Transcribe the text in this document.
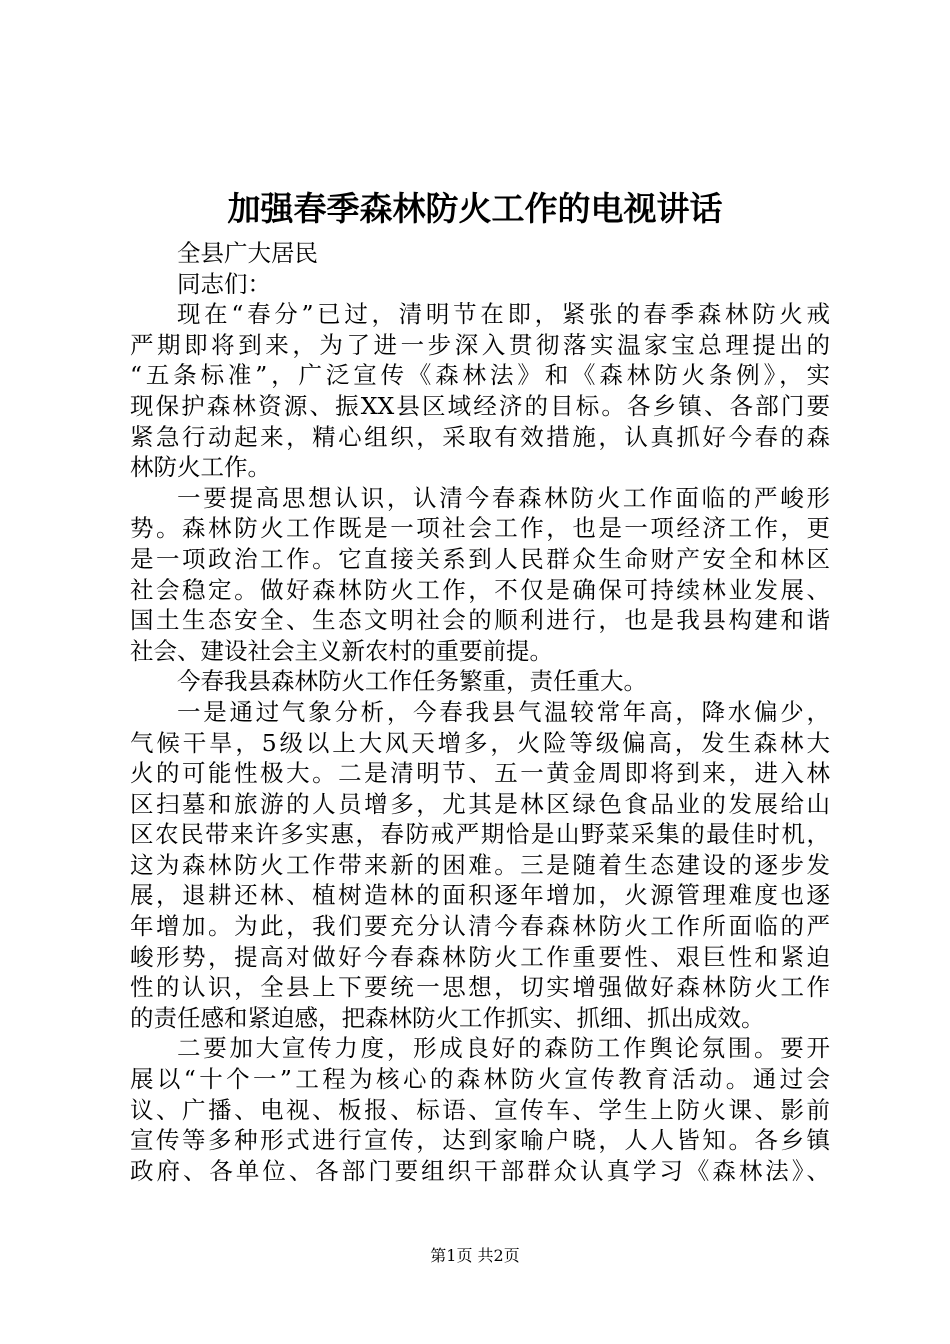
加强春季森林防火工作的电视讲话
全县广大居民
同志们：
现在“春分”已过，清明节在即，紧张的春季森林防火戒
严期即将到来，为了进一步深入贯彻落实温家宝总理提出的
“五条标准”，广泛宣传《森林法》和《森林防火条例》，实
现保护森林资源、振XX县区域经济的目标。各乡镇、各部门要
紧急行动起来，精心组织，采取有效措施，认真抓好今春的森
林防火工作。
一要提高思想认识，认清今春森林防火工作面临的严峻形
势。森林防火工作既是一项社会工作，也是一项经济工作，更
是一项政治工作。它直接关系到人民群众生命财产安全和林区
社会稳定。做好森林防火工作，不仅是确保可持续林业发展、
国土生态安全、生态文明社会的顺利进行，也是我县构建和谐
社会、建设社会主义新农村的重要前提。
今春我县森林防火工作任务繁重，责任重大。
一是通过气象分析，今春我县气温较常年高，降水偏少，
气候干旱，5级以上大风天增多，火险等级偏高，发生森林大
火的可能性极大。二是清明节、五一黄金周即将到来，进入林
区扫墓和旅游的人员增多，尤其是林区绿色食品业的发展给山
区农民带来许多实惠，春防戒严期恰是山野菜采集的最佳时机，
这为森林防火工作带来新的困难。三是随着生态建设的逐步发
展，退耕还林、植树造林的面积逐年增加，火源管理难度也逐
年增加。为此，我们要充分认清今春森林防火工作所面临的严
峻形势，提高对做好今春森林防火工作重要性、艰巨性和紧迫
性的认识，全县上下要统一思想，切实增强做好森林防火工作
的责任感和紧迫感，把森林防火工作抓实、抓细、抓出成效。
二要加大宣传力度，形成良好的森防工作舆论氛围。要开
展以“十个一”工程为核心的森林防火宣传教育活动。通过会
议、广播、电视、板报、标语、宣传车、学生上防火课、影前
宣传等多种形式进行宣传，达到家喻户晓，人人皆知。各乡镇
政府、各单位、各部门要组织干部群众认真学习《森林法》、
第1页 共2页
